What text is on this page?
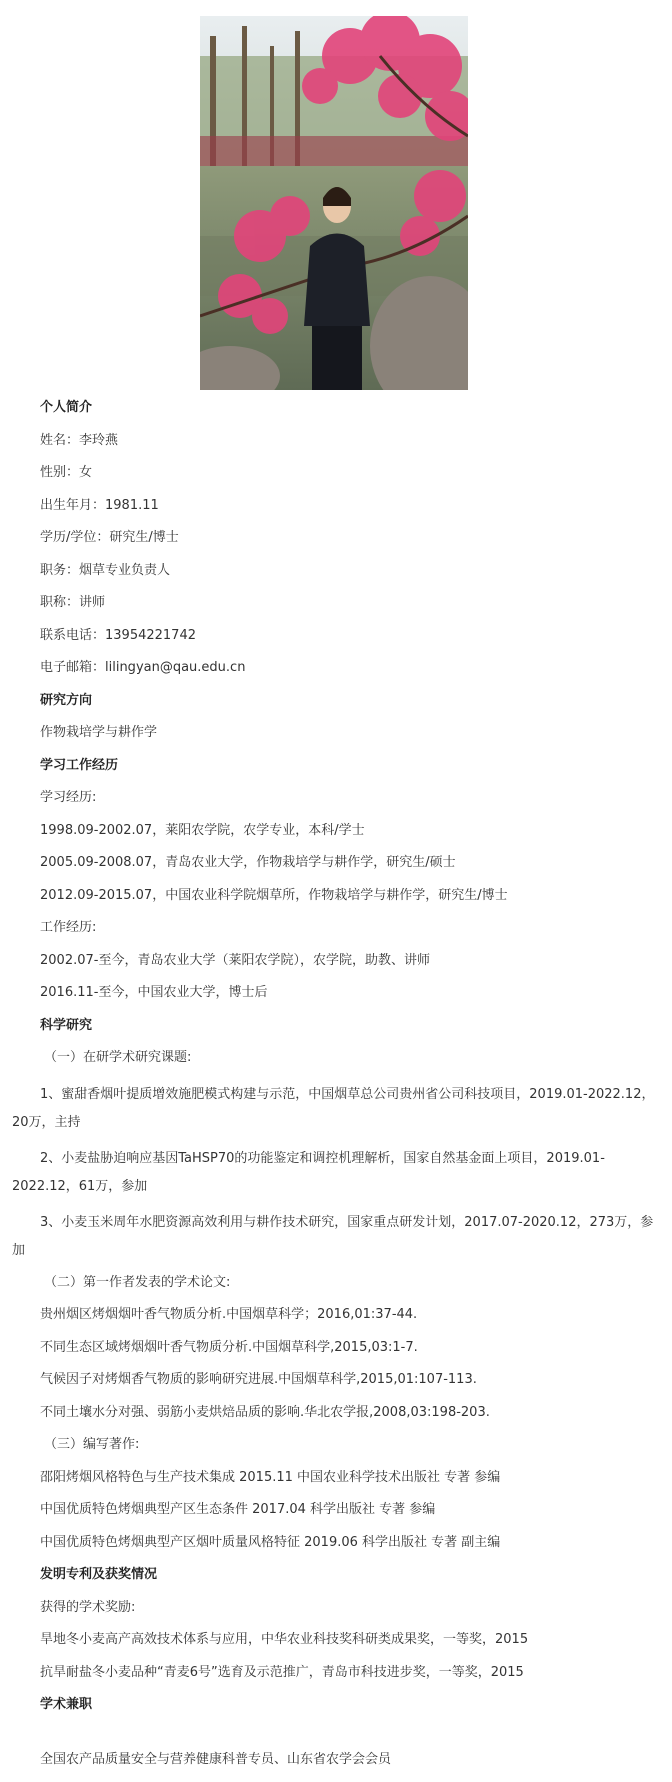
个人简介
姓名：李玲燕
性别：女
出生年月：1981.11
学历/学位：研究生/博士
职务：烟草专业负责人
职称：讲师
联系电话：13954221742
电子邮箱：lilingyan@qau.edu.cn
研究方向
作物栽培学与耕作学
学习工作经历
学习经历:
1998.09-2002.07，莱阳农学院，农学专业，本科/学士
2005.09-2008.07，青岛农业大学，作物栽培学与耕作学，研究生/硕士
2012.09-2015.07，中国农业科学院烟草所，作物栽培学与耕作学，研究生/博士
工作经历:
2002.07-至今，青岛农业大学（莱阳农学院），农学院，助教、讲师
2016.11-至今，中国农业大学，博士后
科学研究
（一）在研学术研究课题:
1、蜜甜香烟叶提质增效施肥模式构建与示范，中国烟草总公司贵州省公司科技项目，2019.01-2022.12，20万，主持
2、小麦盐胁迫响应基因TaHSP70的功能鉴定和调控机理解析，国家自然基金面上项目，2019.01-2022.12，61万，参加
3、小麦玉米周年水肥资源高效利用与耕作技术研究，国家重点研发计划，2017.07-2020.12，273万，参加
（二）第一作者发表的学术论文:
贵州烟区烤烟烟叶香气物质分析.中国烟草科学；2016,01:37-44.
不同生态区域烤烟烟叶香气物质分析.中国烟草科学,2015,03:1-7.
气候因子对烤烟香气物质的影响研究进展.中国烟草科学,2015,01:107-113.
不同土壤水分对强、弱筋小麦烘焙品质的影响.华北农学报,2008,03:198-203.
（三）编写著作:
邵阳烤烟风格特色与生产技术集成 2015.11 中国农业科学技术出版社 专著 参编
中国优质特色烤烟典型产区生态条件 2017.04 科学出版社 专著 参编
中国优质特色烤烟典型产区烟叶质量风格特征 2019.06 科学出版社 专著 副主编
发明专利及获奖情况
获得的学术奖励:
旱地冬小麦高产高效技术体系与应用，中华农业科技奖科研类成果奖，一等奖，2015
抗旱耐盐冬小麦品种“青麦6号”选育及示范推广，青岛市科技进步奖，一等奖，2015
学术兼职
全国农产品质量安全与营养健康科普专员、山东省农学会会员
